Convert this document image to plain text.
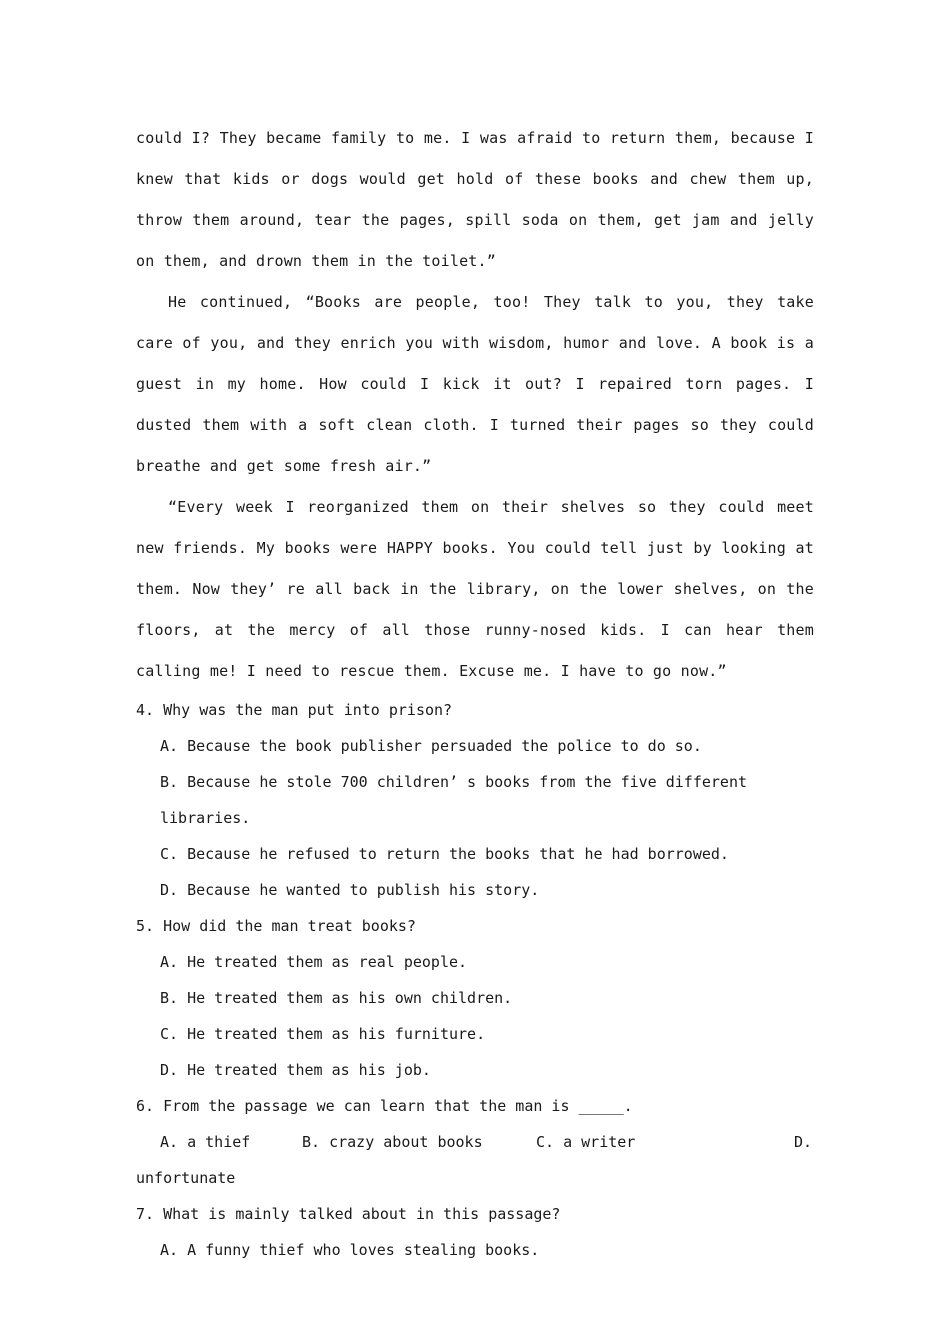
could I? They became family to me. I was afraid to return them, because I knew that kids or dogs would get hold of these books and chew them up, throw them around, tear the pages, spill soda on them, get jam and jelly on them, and drown them in the toilet.”

He continued, “Books are people, too! They talk to you, they take care of you, and they enrich you with wisdom, humor and love. A book is a guest in my home. How could I kick it out? I repaired torn pages. I dusted them with a soft clean cloth. I turned their pages so they could breathe and get some fresh air.”

“Every week I reorganized them on their shelves so they could meet new friends. My books were HAPPY books. You could tell just by looking at them. Now they’ re all back in the library, on the lower shelves, on the floors, at the mercy of all those runny-nosed kids. I can hear them calling me! I need to rescue them. Excuse me. I have to go now.”

4. Why was the man put into prison?

A. Because the book publisher persuaded the police to do so.

B. Because he stole 700 children’ s books from the five different libraries.

C. Because he refused to return the books that he had borrowed.

D. Because he wanted to publish his story.

5. How did the man treat books?

A. He treated them as real people.

B. He treated them as his own children.

C. He treated them as his furniture.

D. He treated them as his job.

6. From the passage we can learn that the man is _____.

A. a thief	B. crazy about books	C. a writer	D.

unfortunate

7. What is mainly talked about in this passage?

A. A funny thief who loves stealing books.
